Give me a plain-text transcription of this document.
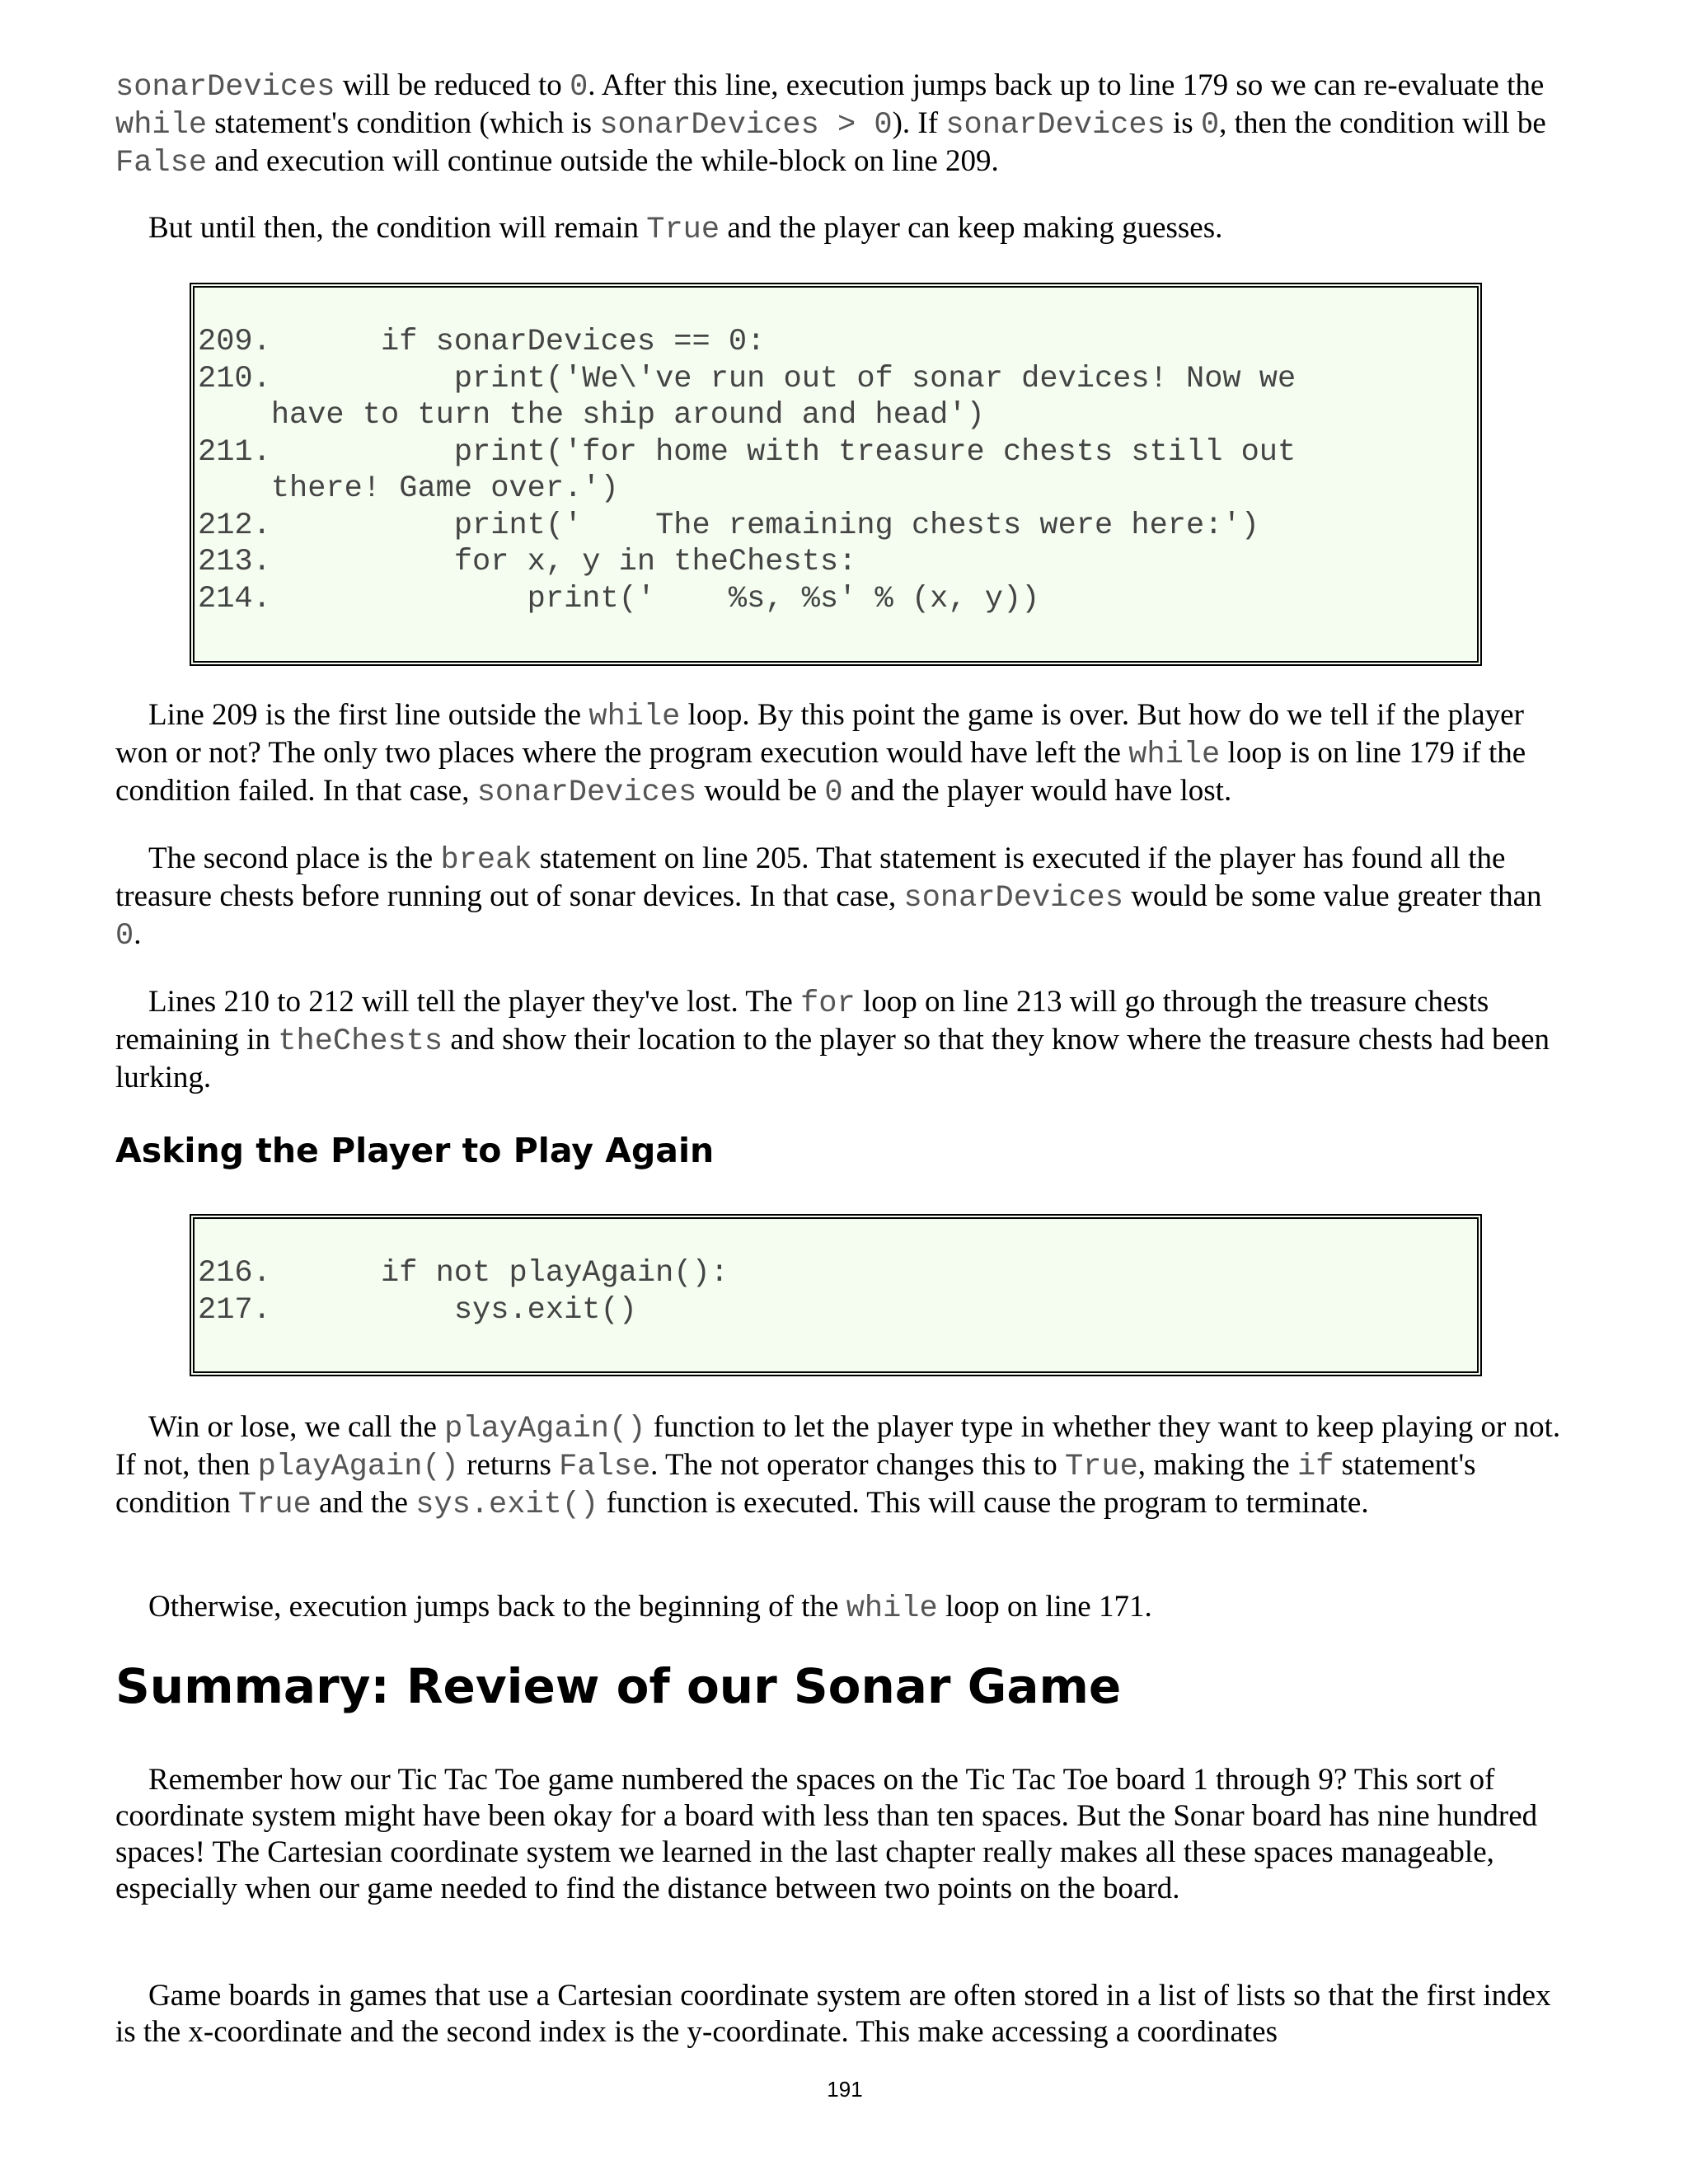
sonarDevices will be reduced to 0. After this line, execution jumps back up to line 179 so we can re-evaluate the while statement's condition (which is sonarDevices > 0). If sonarDevices is 0, then the condition will be False and execution will continue outside the while-block on line 209.

But until then, the condition will remain True and the player can keep making guesses.

209.      if sonarDevices == 0:
210.          print('We\'ve run out of sonar devices! Now we
have to turn the ship around and head')
211.          print('for home with treasure chests still out
there! Game over.')
212.          print('    The remaining chests were here:')
213.          for x, y in theChests:
214.              print('    %s, %s' % (x, y))

Line 209 is the first line outside the while loop. By this point the game is over. But how do we tell if the player won or not? The only two places where the program execution would have left the while loop is on line 179 if the condition failed. In that case, sonarDevices would be 0 and the player would have lost.

The second place is the break statement on line 205. That statement is executed if the player has found all the treasure chests before running out of sonar devices. In that case, sonarDevices would be some value greater than 0.

Lines 210 to 212 will tell the player they've lost. The for loop on line 213 will go through the treasure chests remaining in theChests and show their location to the player so that they know where the treasure chests had been lurking.

Asking the Player to Play Again
216.      if not playAgain():
217.          sys.exit()

Win or lose, we call the playAgain() function to let the player type in whether they want to keep playing or not. If not, then playAgain() returns False. The not operator changes this to True, making the if statement's condition True and the sys.exit() function is executed. This will cause the program to terminate.

Otherwise, execution jumps back to the beginning of the while loop on line 171.

Summary: Review of our Sonar Game

Remember how our Tic Tac Toe game numbered the spaces on the Tic Tac Toe board 1 through 9? This sort of coordinate system might have been okay for a board with less than ten spaces. But the Sonar board has nine hundred spaces! The Cartesian coordinate system we learned in the last chapter really makes all these spaces manageable, especially when our game needed to find the distance between two points on the board.

Game boards in games that use a Cartesian coordinate system are often stored in a list of lists so that the first index is the x-coordinate and the second index is the y-coordinate. This make accessing a coordinates

191
